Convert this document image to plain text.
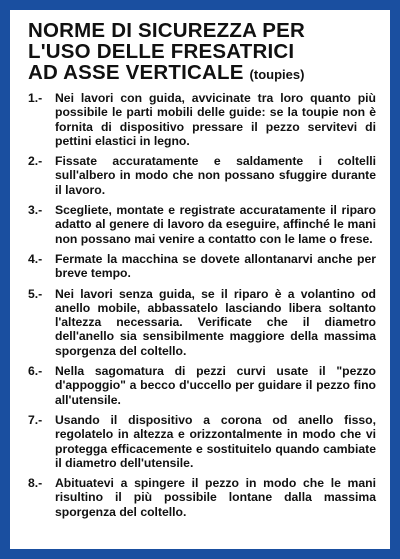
NORME DI SICUREZZA PER
L'USO DELLE FRESATRICI
AD ASSE VERTICALE (toupies)
1.-	Nei lavori con guida, avvicinate tra loro quanto più possibile le parti mobili delle guide: se la toupie non è fornita di dispositivo pressare il pezzo servitevi di pettini elastici in legno.
2.-	Fissate accuratamente e saldamente i coltelli sull'albero in modo che non possano sfuggire durante il lavoro.
3.-	Scegliete, montate e registrate accuratamente il riparo adatto al genere di lavoro da eseguire, affinché le mani non possano mai venire a contatto con le lame o frese.
4.-	Fermate la macchina se dovete allontanarvi anche per breve tempo.
5.-	Nei lavori senza guida, se il riparo è a volantino od anello mobile, abbassatelo lasciando libera soltanto l'altezza necessaria. Verificate che il diametro dell'anello sia sensibilmente maggiore della massima sporgenza del coltello.
6.-	Nella sagomatura di pezzi curvi usate il "pezzo d'appoggio" a becco d'uccello per guidare il pezzo fino all'utensile.
7.-	Usando il dispositivo a corona od anello fisso, regolatelo in altezza e orizzontalmente in modo che vi protegga efficacemente e sostituitelo quando cambiate il diametro dell'utensile.
8.-	Abituatevi a spingere il pezzo in modo che le mani risultino il più possibile lontane dalla massima sporgenza del coltello.
